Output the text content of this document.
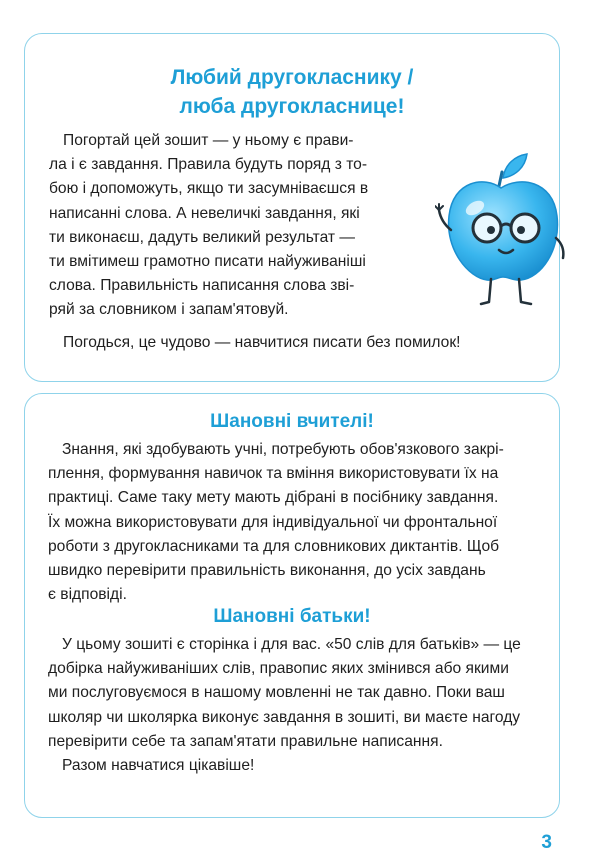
Любий другокласнику /
люба другокласнице!

Погортай цей зошит — у ньому є прави-
ла і є завдання. Правила будуть поряд з то-
бою і допоможуть, якщо ти засумніваєшся в
написанні слова. А невеличкі завдання, які
ти виконаєш, дадуть великий результат —
ти вмітимеш грамотно писати найуживаніші
слова. Правильність написання слова зві-
ряй за словником і запам'ятовуй.

Погодься, це чудово — навчитися писати без помилок!

Шановні вчителі!

Знання, які здобувають учні, потребують обов'язкового закрі-
плення, формування навичок та вміння використовувати їх на
практиці. Саме таку мету мають дібрані в посібнику завдання.
Їх можна використовувати для індивідуальної чи фронтальної
роботи з другокласниками та для словникових диктантів. Щоб
швидко перевірити правильність виконання, до усіх завдань
є відповіді.

Шановні батьки!

У цьому зошиті є сторінка і для вас. «50 слів для батьків» — це
добірка найуживаніших слів, правопис яких змінився або якими
ми послуговуємося в нашому мовленні не так давно. Поки ваш
школяр чи школярка виконує завдання в зошиті, ви маєте нагоду
перевірити себе та запам'ятати правильне написання.
Разом навчатися цікавіше!

3
